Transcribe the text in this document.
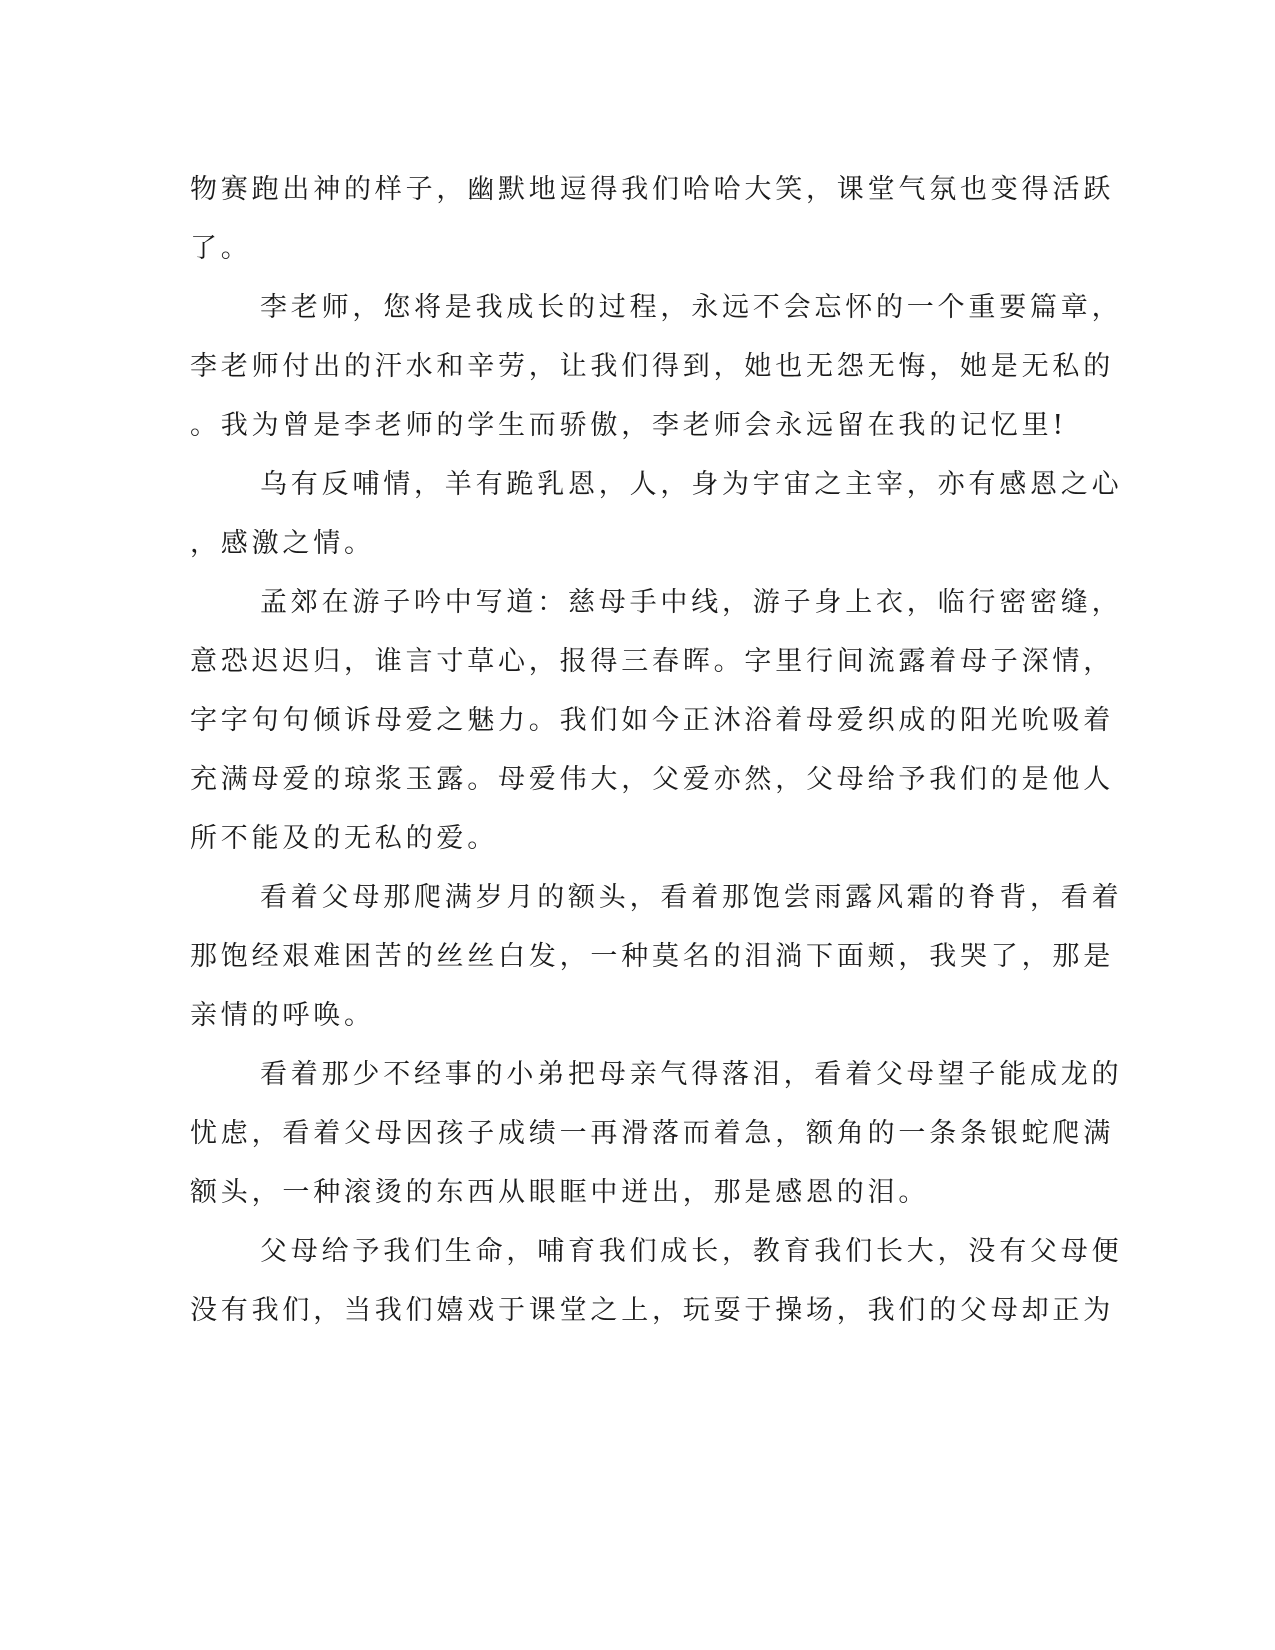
物赛跑出神的样子，幽默地逗得我们哈哈大笑，课堂气氛也变得活跃
了。
李老师，您将是我成长的过程，永远不会忘怀的一个重要篇章，
李老师付出的汗水和辛劳，让我们得到，她也无怨无悔，她是无私的
。我为曾是李老师的学生而骄傲，李老师会永远留在我的记忆里!
乌有反哺情，羊有跪乳恩，人，身为宇宙之主宰，亦有感恩之心
，感激之情。
孟郊在游子吟中写道：慈母手中线，游子身上衣，临行密密缝，
意恐迟迟归，谁言寸草心，报得三春晖。字里行间流露着母子深情，
字字句句倾诉母爱之魅力。我们如今正沐浴着母爱织成的阳光吮吸着
充满母爱的琼浆玉露。母爱伟大，父爱亦然，父母给予我们的是他人
所不能及的无私的爱。
看着父母那爬满岁月的额头，看着那饱尝雨露风霜的脊背，看着
那饱经艰难困苦的丝丝白发，一种莫名的泪淌下面颊，我哭了，那是
亲情的呼唤。
看着那少不经事的小弟把母亲气得落泪，看着父母望子能成龙的
忧虑，看着父母因孩子成绩一再滑落而着急，额角的一条条银蛇爬满
额头，一种滚烫的东西从眼眶中迸出，那是感恩的泪。
父母给予我们生命，哺育我们成长，教育我们长大，没有父母便
没有我们，当我们嬉戏于课堂之上，玩耍于操场，我们的父母却正为
